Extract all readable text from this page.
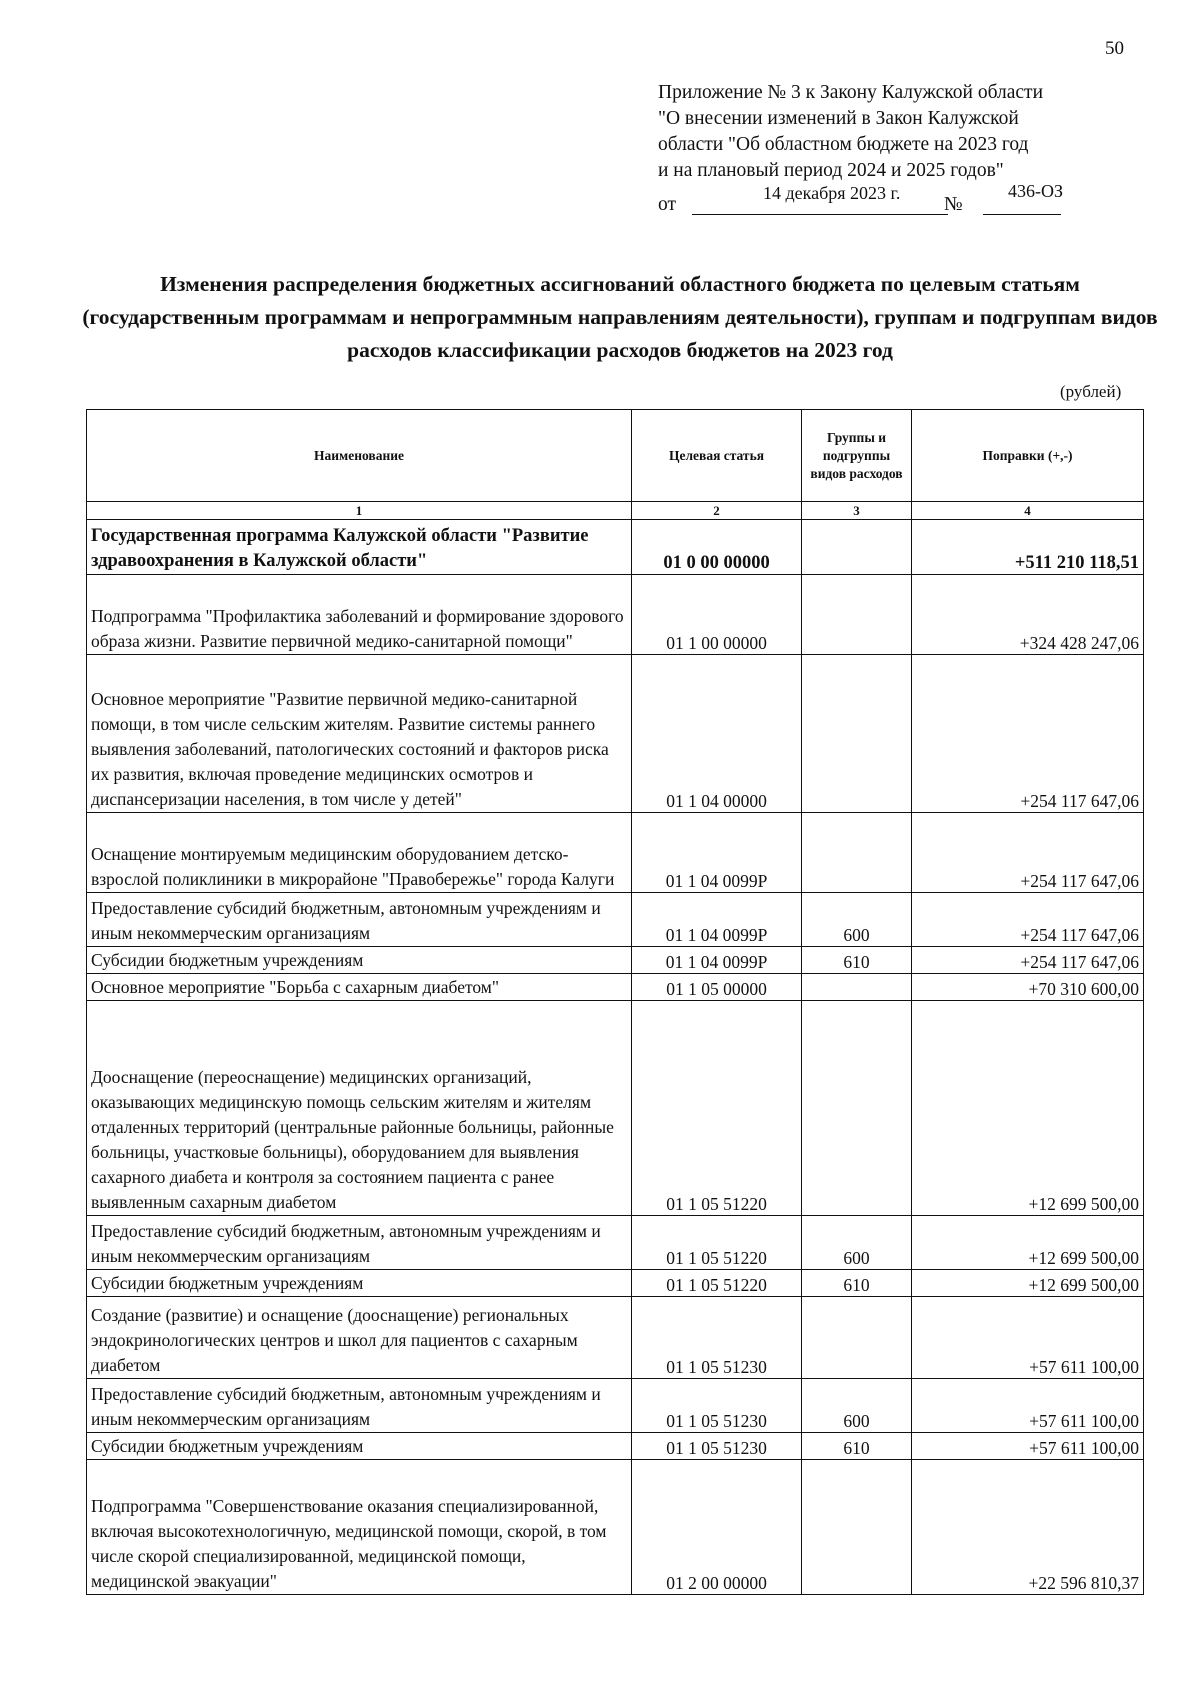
50
Приложение № 3 к Закону Калужской области
"О внесении изменений в Закон Калужской
области "Об областном бюджете на 2023 год
и на плановый период 2024 и 2025 годов"
от
14 декабря 2023 г.
№
436-ОЗ
Изменения распределения бюджетных ассигнований областного бюджета по целевым статьям (государственным программам и непрограммным направлениям деятельности), группам и подгруппам видов расходов классификации расходов бюджетов на 2023 год
(рублей)
Наименование	Целевая статья	Группы и подгруппы видов расходов	Поправки (+,-)
1	2	3	4
Государственная программа Калужской области "Развитие здравоохранения в Калужской области"	01 0 00 00000		+511 210 118,51
Подпрограмма "Профилактика заболеваний и формирование здорового образа жизни. Развитие первичной медико-санитарной помощи"	01 1 00 00000		+324 428 247,06
Основное мероприятие "Развитие первичной медико-санитарной помощи, в том числе сельским жителям. Развитие системы раннего выявления заболеваний, патологических состояний и факторов риска их развития, включая проведение медицинских осмотров и диспансеризации населения, в том числе у детей"	01 1 04 00000		+254 117 647,06
Оснащение монтируемым медицинским оборудованием детско-взрослой поликлиники в микрорайоне "Правобережье" города Калуги	01 1 04 0099Р		+254 117 647,06
Предоставление субсидий бюджетным, автономным учреждениям и иным некоммерческим организациям	01 1 04 0099Р	600	+254 117 647,06
Субсидии бюджетным учреждениям	01 1 04 0099Р	610	+254 117 647,06
Основное мероприятие "Борьба с сахарным диабетом"	01 1 05 00000		+70 310 600,00
Дооснащение (переоснащение) медицинских организаций, оказывающих медицинскую помощь сельским жителям и жителям отдаленных территорий (центральные районные больницы, районные больницы, участковые больницы), оборудованием для выявления сахарного диабета и контроля за состоянием пациента с ранее выявленным сахарным диабетом	01 1 05 51220		+12 699 500,00
Предоставление субсидий бюджетным, автономным учреждениям и иным некоммерческим организациям	01 1 05 51220	600	+12 699 500,00
Субсидии бюджетным учреждениям	01 1 05 51220	610	+12 699 500,00
Создание (развитие) и оснащение (дооснащение) региональных эндокринологических центров и школ для пациентов с сахарным диабетом	01 1 05 51230		+57 611 100,00
Предоставление субсидий бюджетным, автономным учреждениям и иным некоммерческим организациям	01 1 05 51230	600	+57 611 100,00
Субсидии бюджетным учреждениям	01 1 05 51230	610	+57 611 100,00
Подпрограмма "Совершенствование оказания специализированной, включая высокотехнологичную, медицинской помощи, скорой, в том числе скорой специализированной, медицинской помощи, медицинской эвакуации"	01 2 00 00000		+22 596 810,37
